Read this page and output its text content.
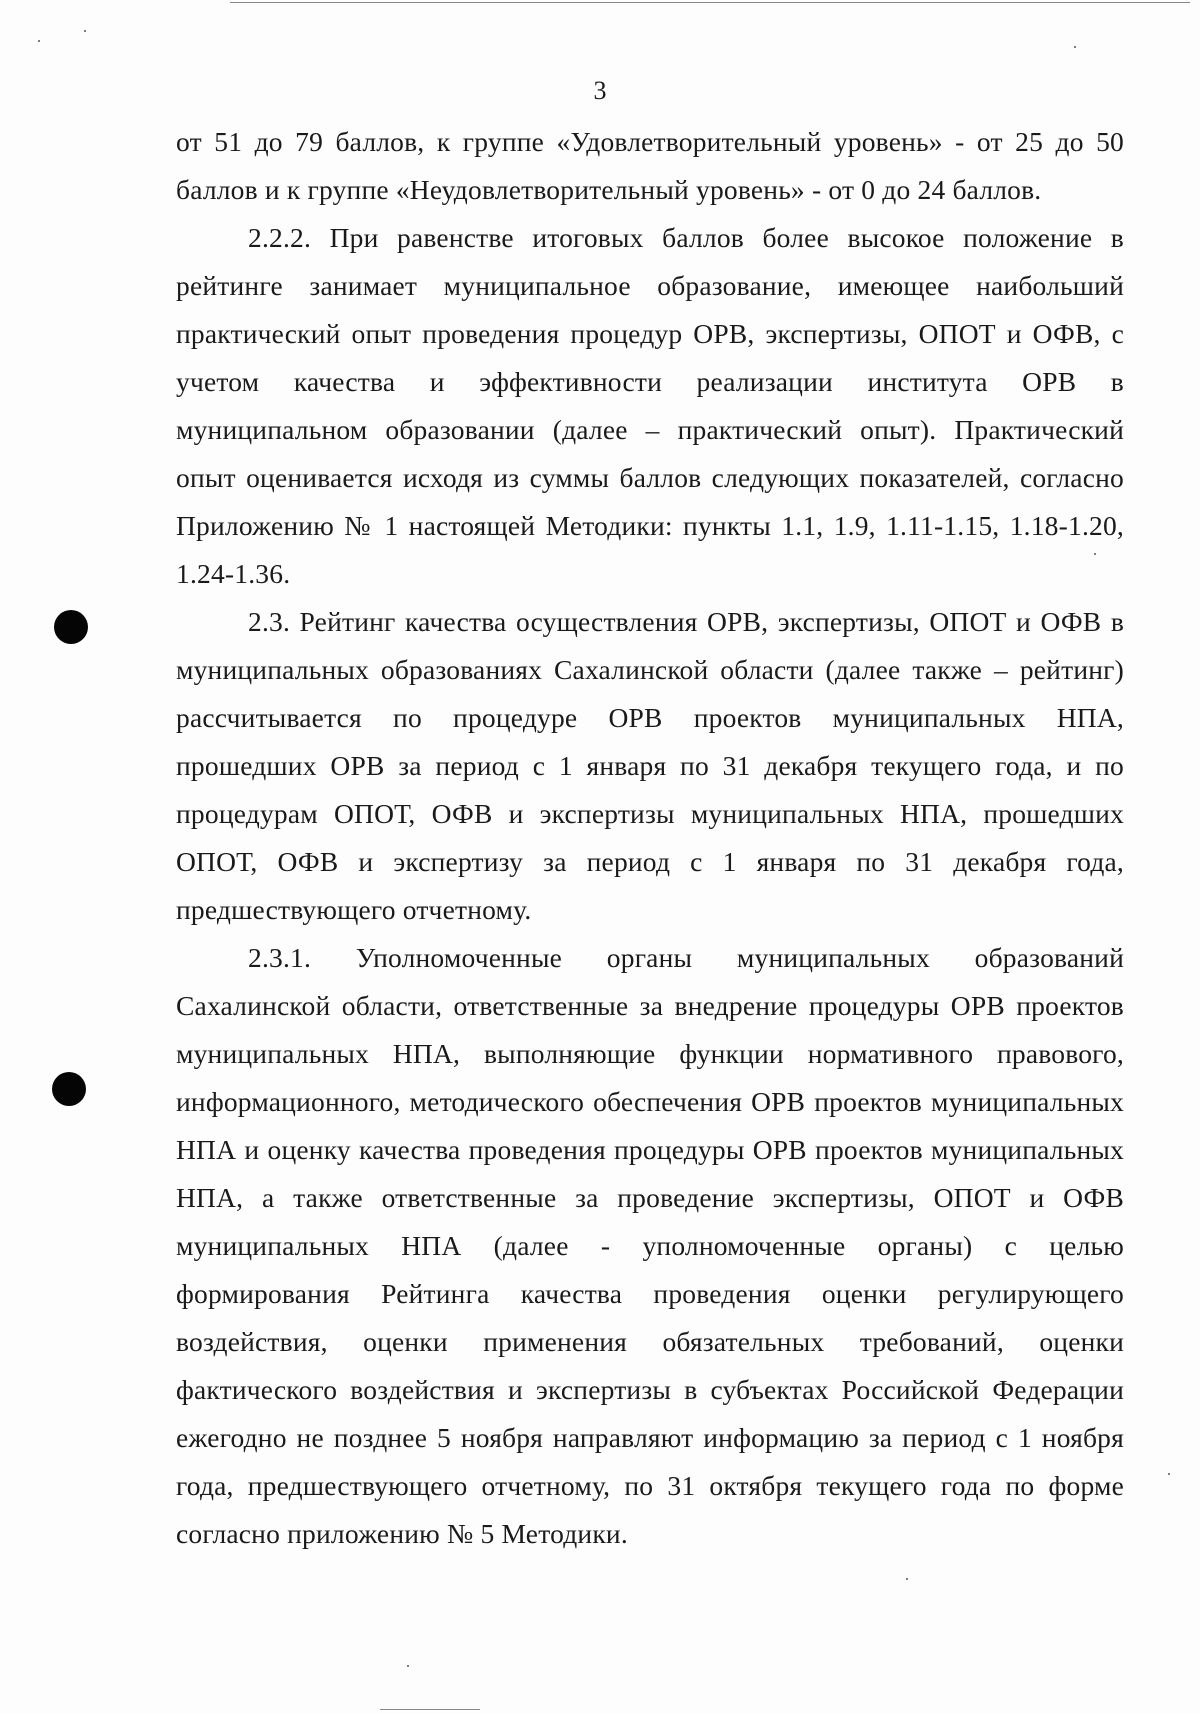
3

от 51 до 79 баллов, к группе «Удовлетворительный уровень» - от 25 до 50 баллов и к группе «Неудовлетворительный уровень» - от 0 до 24 баллов.

2.2.2. При равенстве итоговых баллов более высокое положение в рейтинге занимает муниципальное образование, имеющее наибольший практический опыт проведения процедур ОРВ, экспертизы, ОПОТ и ОФВ, с учетом качества и эффективности реализации института ОРВ в муниципальном образовании (далее – практический опыт). Практический опыт оценивается исходя из суммы баллов следующих показателей, согласно Приложению № 1 настоящей Методики: пункты 1.1, 1.9, 1.11-1.15, 1.18-1.20, 1.24-1.36.

2.3. Рейтинг качества осуществления ОРВ, экспертизы, ОПОТ и ОФВ в муниципальных образованиях Сахалинской области (далее также – рейтинг) рассчитывается по процедуре ОРВ проектов муниципальных НПА, прошедших ОРВ за период с 1 января по 31 декабря текущего года, и по процедурам ОПОТ, ОФВ и экспертизы муниципальных НПА, прошедших ОПОТ, ОФВ и экспертизу за период с 1 января по 31 декабря года, предшествующего отчетному.

2.3.1. Уполномоченные органы муниципальных образований Сахалинской области, ответственные за внедрение процедуры ОРВ проектов муниципальных НПА, выполняющие функции нормативного правового, информационного, методического обеспечения ОРВ проектов муниципальных НПА и оценку качества проведения процедуры ОРВ проектов муниципальных НПА, а также ответственные за проведение экспертизы, ОПОТ и ОФВ муниципальных НПА (далее - уполномоченные органы) с целью формирования Рейтинга качества проведения оценки регулирующего воздействия, оценки применения обязательных требований, оценки фактического воздействия и экспертизы в субъектах Российской Федерации ежегодно не позднее 5 ноября направляют информацию за период с 1 ноября года, предшествующего отчетному, по 31 октября текущего года по форме согласно приложению № 5 Методики.
